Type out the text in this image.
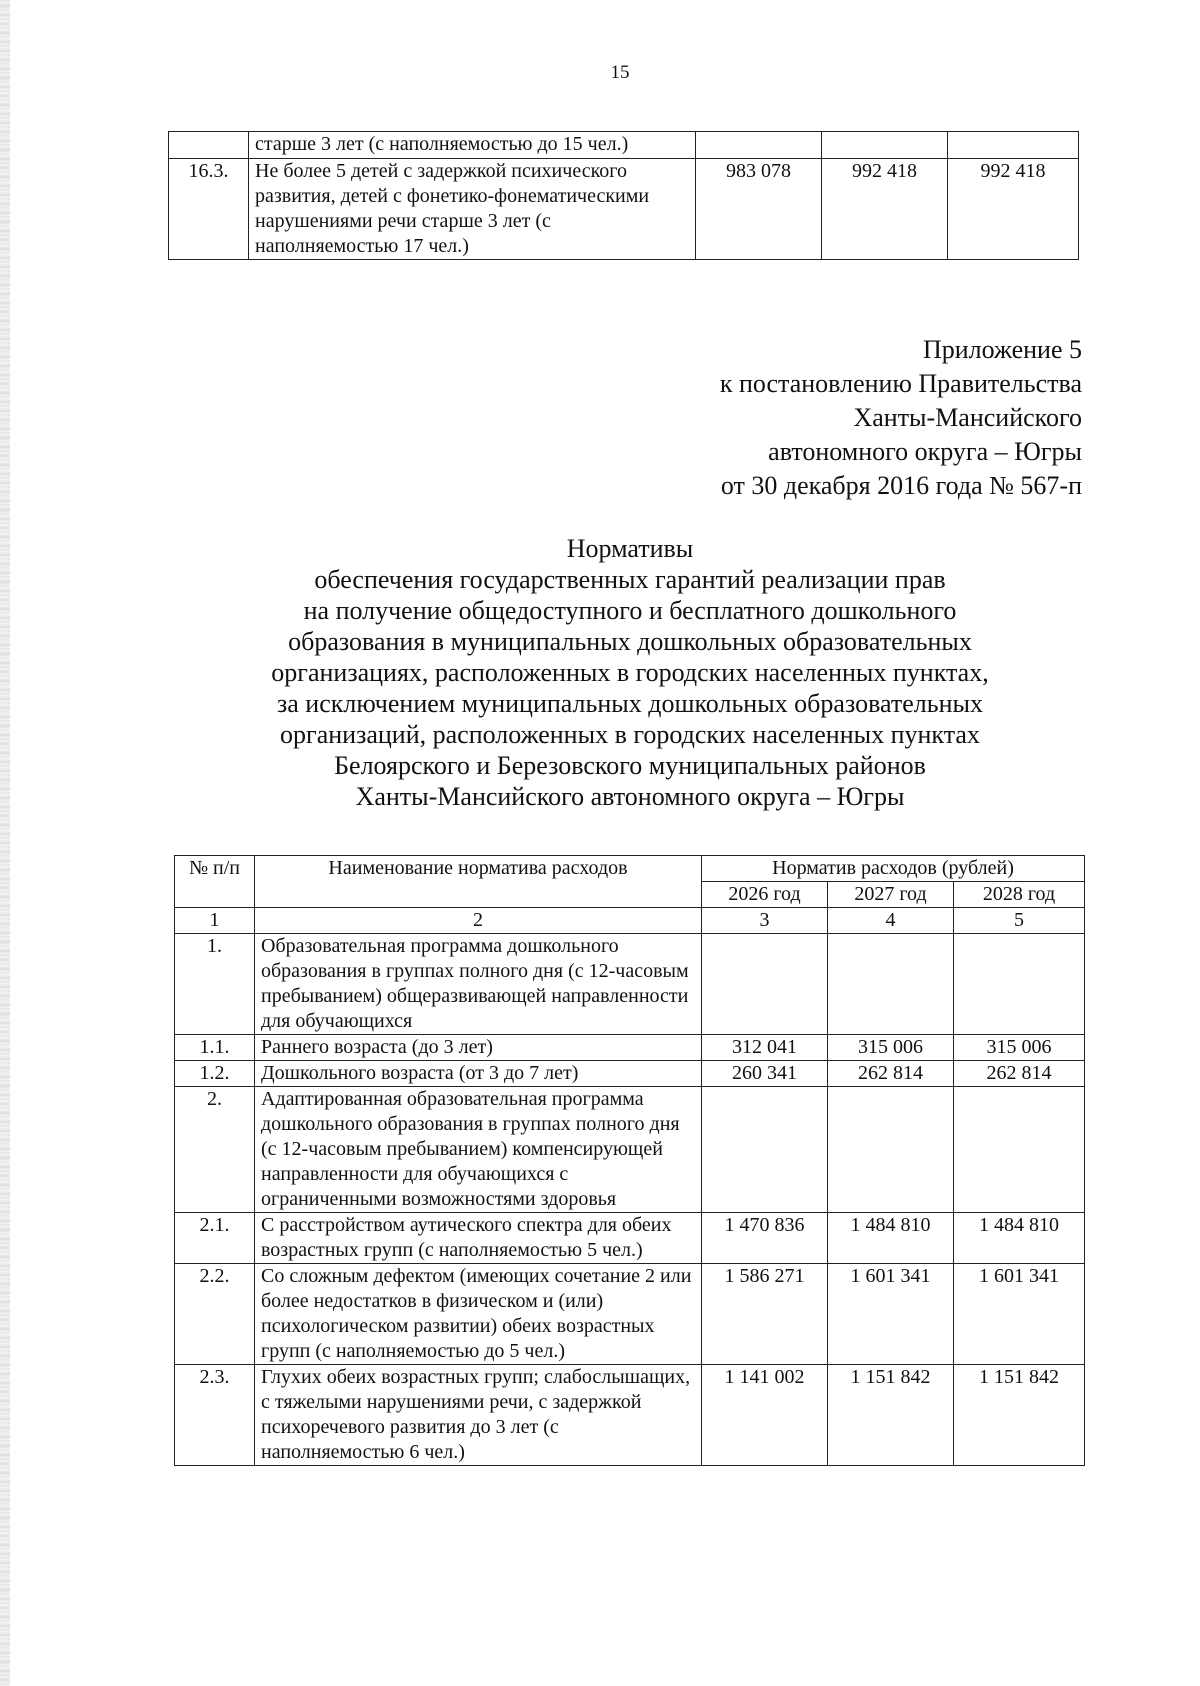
15
	старше 3 лет (с наполняемостью до 15 чел.)			
16.3.	Не более 5 детей с задержкой психического развития, детей с фонетико-фонематическими нарушениями речи старше 3 лет (с наполняемостью 17 чел.)	983 078	992 418	992 418
Приложение 5
к постановлению Правительства
Ханты-Мансийского
автономного округа – Югры
от 30 декабря 2016 года № 567-п
Нормативы
обеспечения государственных гарантий реализации прав
на получение общедоступного и бесплатного дошкольного
образования в муниципальных дошкольных образовательных
организациях, расположенных в городских населенных пунктах,
за исключением муниципальных дошкольных образовательных
организаций, расположенных в городских населенных пунктах
Белоярского и Березовского муниципальных районов
Ханты-Мансийского автономного округа – Югры
№ п/п	Наименование норматива расходов	Норматив расходов (рублей)		
		2026 год	2027 год	2028 год
1	2	3	4	5
1.	Образовательная программа дошкольного образования в группах полного дня (с 12-часовым пребыванием) общеразвивающей направленности для обучающихся			
1.1.	Раннего возраста (до 3 лет)	312 041	315 006	315 006
1.2.	Дошкольного возраста (от 3 до 7 лет)	260 341	262 814	262 814
2.	Адаптированная образовательная программа дошкольного образования в группах полного дня (с 12-часовым пребыванием) компенсирующей направленности для обучающихся с ограниченными возможностями здоровья			
2.1.	С расстройством аутического спектра для обеих возрастных групп (с наполняемостью 5 чел.)	1 470 836	1 484 810	1 484 810
2.2.	Со сложным дефектом (имеющих сочетание 2 или более недостатков в физическом и (или) психологическом развитии) обеих возрастных групп (с наполняемостью до 5 чел.)	1 586 271	1 601 341	1 601 341
2.3.	Глухих обеих возрастных групп; слабослышащих, с тяжелыми нарушениями речи, с задержкой психоречевого развития до 3 лет (с наполняемостью 6 чел.)	1 141 002	1 151 842	1 151 842
